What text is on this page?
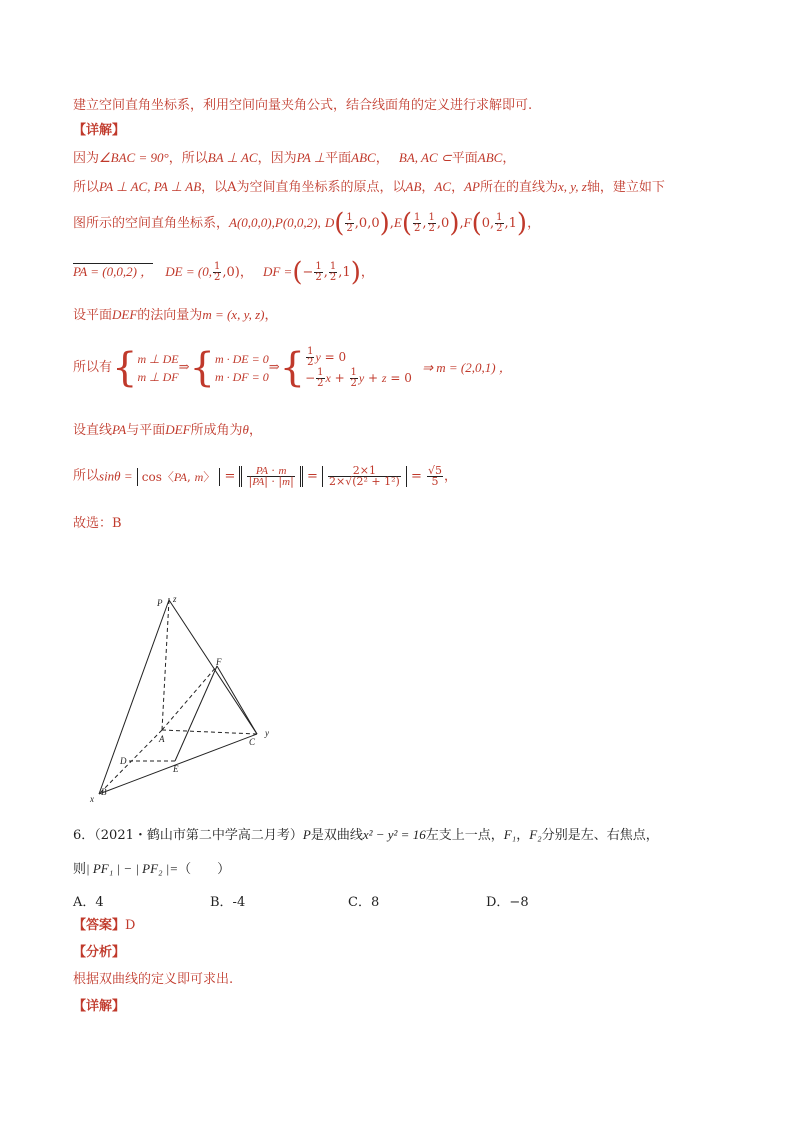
建立空间直角坐标系，利用空间向量夹角公式，结合线面角的定义进行求解即可.
【详解】
因为∠BAC = 90°，所以BA ⊥ AC，因为PA ⊥平面ABC， BA, AC ⊂平面ABC，
所以PA ⊥ AC, PA ⊥ AB，以A为空间直角坐标系的原点，以AB，AC，AP所在的直线为x, y, z轴，建立如下
图所示的空间直角坐标系，A(0,0,0),P(0,0,2), $D( \frac{1}{2} ,0,0),E( \frac{1}{2}$ , $\frac{1}{2} ,0),F(0$, $\frac{1}{2} ,1$)，
PA = (0,0,2) ， DE = (0, $\frac{1}{2} ,0$)， DF =(− $\frac{1}{2}$ , $\frac{1}{2} ,1$)，
设平面DEF的法向量为m = (x, y, z)，
所以有{m ⊥ DE
m ⊥ DF⇒{m · DE = 0
m · DF = 0⇒{ $\frac{1}{2}$ y = 0
− $\frac{1}{2}$ $x + \frac{1}{2}$ y + z = 0 ⇒ m = (2,0,1) ，
设直线PA与平面DEF所成角为θ，
所以sinθ = cos〈PA, m〉 = $\frac{PA \cdot m}{|PA| \cdot |m|} = \frac{2\times 1}{\text{2×√(2² + 1²)}} = \frac{√5}{5}$ ，
故选：B
P z
F
A	C
y
D
E
B
x
6．（2021・鹤山市第二中学高二月考）P是双曲线x² − y² = 16左支上一点，F₁，F₂分别是左、右焦点，
则| PF₁ | − | PF₂ |=（　　）
A．4	B．-4	C．8	D．−8
【答案】D
【分析】
根据双曲线的定义即可求出.
【详解】
